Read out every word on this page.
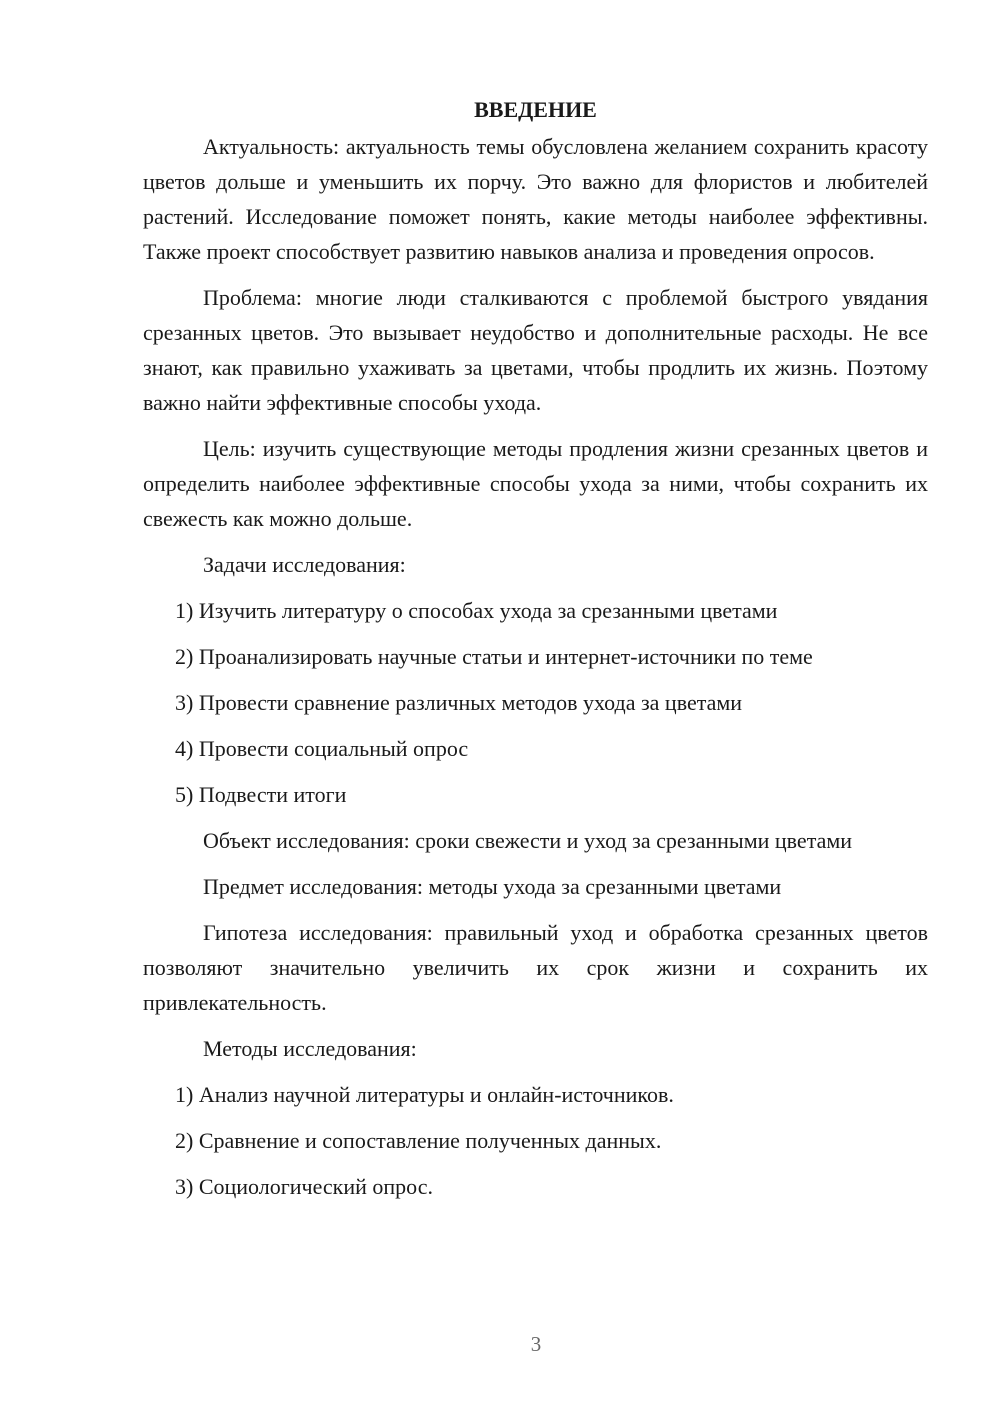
ВВЕДЕНИЕ

Актуальность: актуальность темы обусловлена желанием сохранить красоту цветов дольше и уменьшить их порчу. Это важно для флористов и любителей растений. Исследование поможет понять, какие методы наиболее эффективны. Также проект способствует развитию навыков анализа и проведения опросов.

Проблема: многие люди сталкиваются с проблемой быстрого увядания срезанных цветов. Это вызывает неудобство и дополнительные расходы. Не все знают, как правильно ухаживать за цветами, чтобы продлить их жизнь. Поэтому важно найти эффективные способы ухода.

Цель: изучить существующие методы продления жизни срезанных цветов и определить наиболее эффективные способы ухода за ними, чтобы сохранить их свежесть как можно дольше.

Задачи исследования:
1) Изучить литературу о способах ухода за срезанными цветами
2) Проанализировать научные статьи и интернет-источники по теме
3) Провести сравнение различных методов ухода за цветами
4) Провести социальный опрос
5) Подвести итоги

Объект исследования: сроки свежести и уход за срезанными цветами

Предмет исследования: методы ухода за срезанными цветами

Гипотеза исследования: правильный уход и обработка срезанных цветов позволяют значительно увеличить их срок жизни и сохранить их привлекательность.

Методы исследования:
1) Анализ научной литературы и онлайн-источников.
2) Сравнение и сопоставление полученных данных.
3) Социологический опрос.
3
